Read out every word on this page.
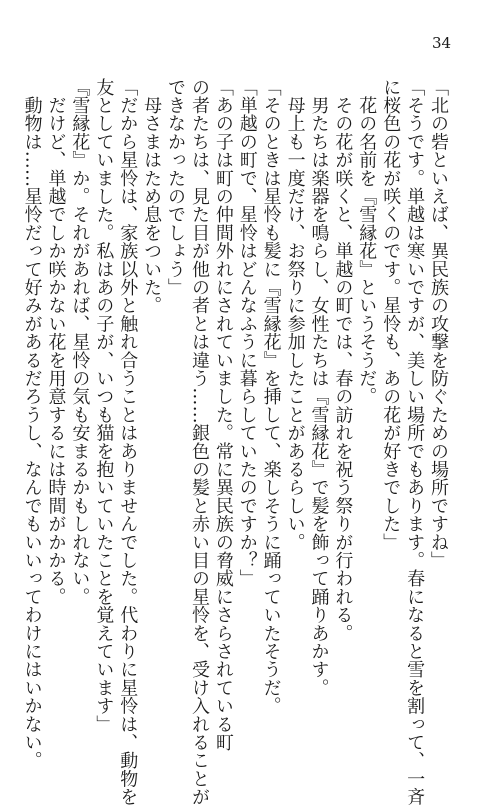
34
「北の砦といえば、異民族の攻撃を防ぐための場所ですね」
「そうです。単越は寒いですが、美しい場所でもあります。春になると雪を割って、一斉
に桜色の花が咲くのです。星怜も、あの花が好きでした」
　花の名前を『雪縁花』というそうだ。
　その花が咲くと、単越の町では、春の訪れを祝う祭りが行われる。
　男たちは楽器を鳴らし、女性たちは『雪縁花』で髪を飾って踊りあかす。
　母上も一度だけ、お祭りに参加したことがあるらしい。
「そのときは星怜も髪に『雪縁花』を挿して、楽しそうに踊っていたそうだ。
「単越の町で、星怜はどんなふうに暮らしていたのですか？」
「あの子は町の仲間外れにされていました。常に異民族の脅威にさらされている町
の者たちは、見た目が他の者とは違う……銀色の髪と赤い目の星怜を、受け入れることが
できなかったのでしょう」
　母さまはため息をついた。
「だから星怜は、家族以外と触れ合うことはありませんでした。代わりに星怜は、動物を
友としていました。私はあの子が、いつも猫を抱いていたことを覚えています」
『雪縁花』か。それがあれば、星怜の気も安まるかもしれない。
　だけど、単越でしか咲かない花を用意するには時間がかかる。
　動物は……星怜だって好みがあるだろうし、なんでもいいってわけにはいかない。
